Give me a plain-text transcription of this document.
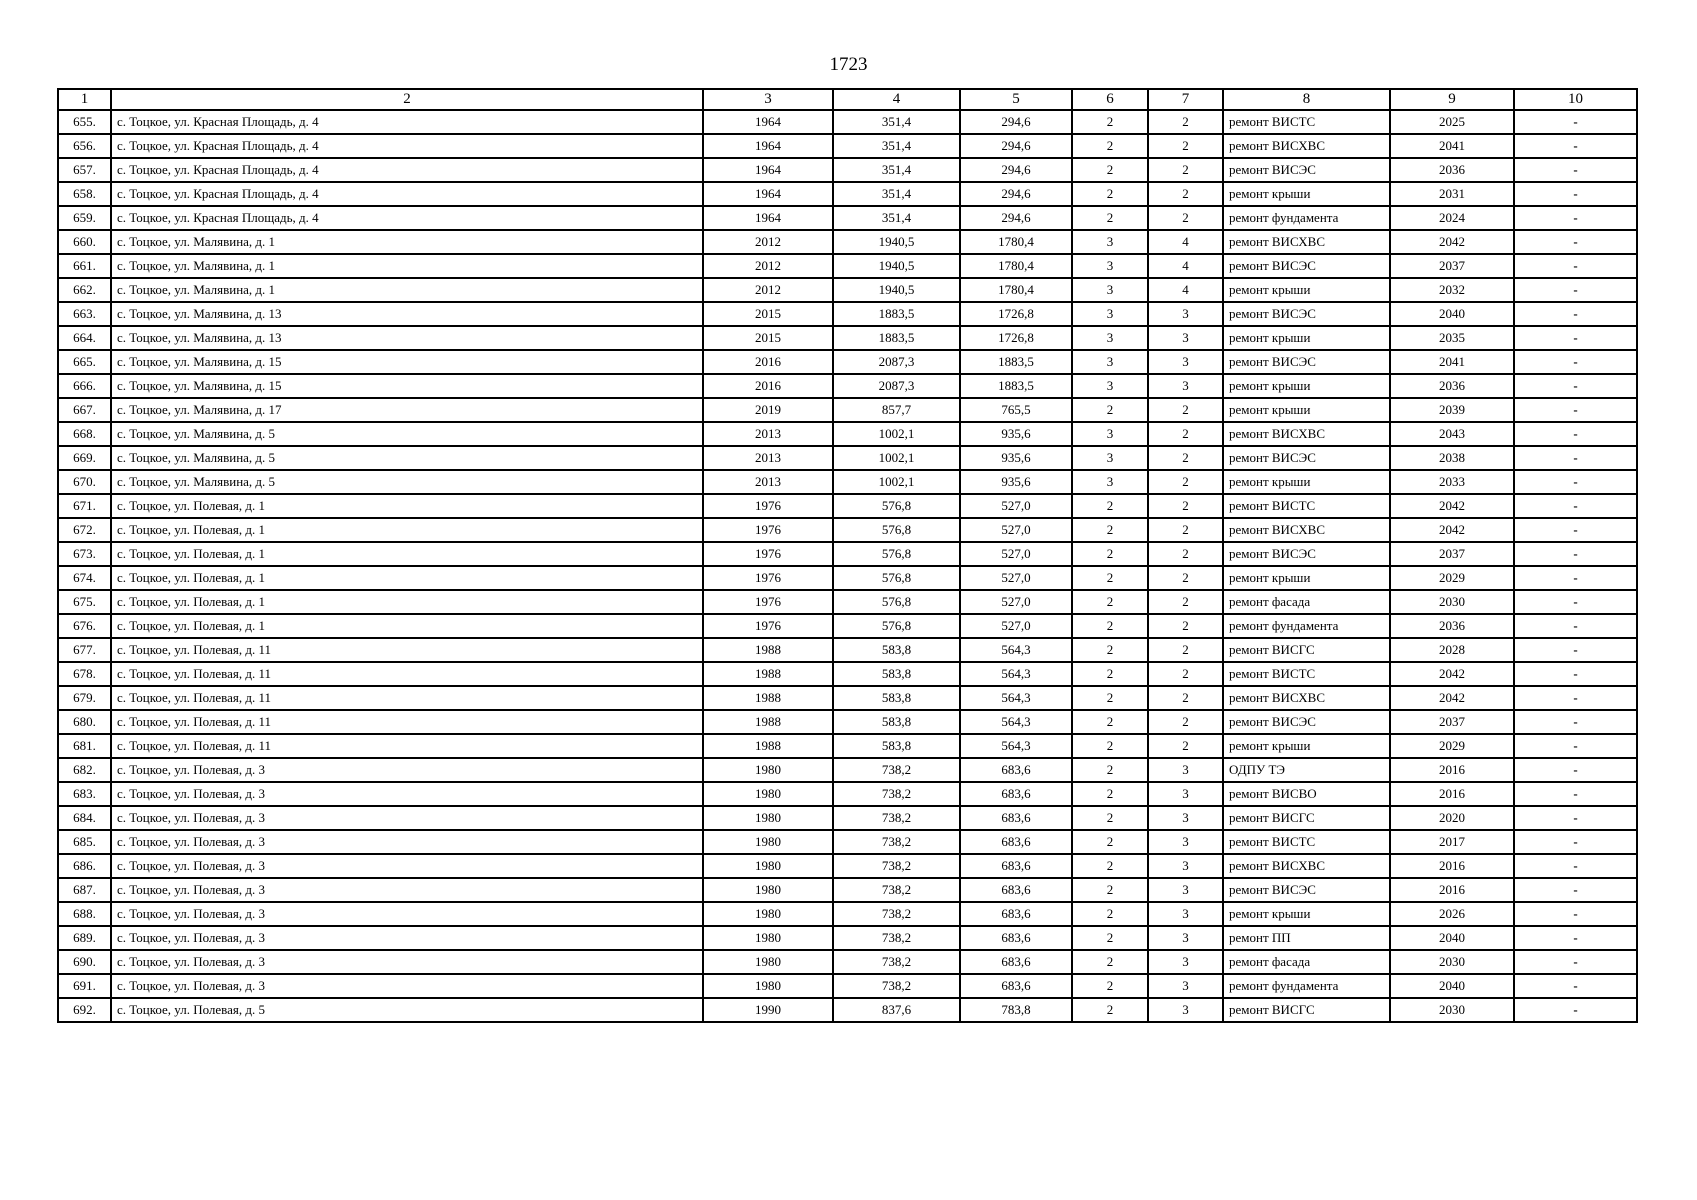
1723
1	2	3	4	5	6	7	8	9	10
655.	с. Тоцкое, ул. Красная Площадь, д. 4	1964	351,4	294,6	2	2	ремонт ВИСТС	2025	-
656.	с. Тоцкое, ул. Красная Площадь, д. 4	1964	351,4	294,6	2	2	ремонт ВИСХВС	2041	-
657.	с. Тоцкое, ул. Красная Площадь, д. 4	1964	351,4	294,6	2	2	ремонт ВИСЭС	2036	-
658.	с. Тоцкое, ул. Красная Площадь, д. 4	1964	351,4	294,6	2	2	ремонт крыши	2031	-
659.	с. Тоцкое, ул. Красная Площадь, д. 4	1964	351,4	294,6	2	2	ремонт фундамента	2024	-
660.	с. Тоцкое, ул. Малявина, д. 1	2012	1940,5	1780,4	3	4	ремонт ВИСХВС	2042	-
661.	с. Тоцкое, ул. Малявина, д. 1	2012	1940,5	1780,4	3	4	ремонт ВИСЭС	2037	-
662.	с. Тоцкое, ул. Малявина, д. 1	2012	1940,5	1780,4	3	4	ремонт крыши	2032	-
663.	с. Тоцкое, ул. Малявина, д. 13	2015	1883,5	1726,8	3	3	ремонт ВИСЭС	2040	-
664.	с. Тоцкое, ул. Малявина, д. 13	2015	1883,5	1726,8	3	3	ремонт крыши	2035	-
665.	с. Тоцкое, ул. Малявина, д. 15	2016	2087,3	1883,5	3	3	ремонт ВИСЭС	2041	-
666.	с. Тоцкое, ул. Малявина, д. 15	2016	2087,3	1883,5	3	3	ремонт крыши	2036	-
667.	с. Тоцкое, ул. Малявина, д. 17	2019	857,7	765,5	2	2	ремонт крыши	2039	-
668.	с. Тоцкое, ул. Малявина, д. 5	2013	1002,1	935,6	3	2	ремонт ВИСХВС	2043	-
669.	с. Тоцкое, ул. Малявина, д. 5	2013	1002,1	935,6	3	2	ремонт ВИСЭС	2038	-
670.	с. Тоцкое, ул. Малявина, д. 5	2013	1002,1	935,6	3	2	ремонт крыши	2033	-
671.	с. Тоцкое, ул. Полевая, д. 1	1976	576,8	527,0	2	2	ремонт ВИСТС	2042	-
672.	с. Тоцкое, ул. Полевая, д. 1	1976	576,8	527,0	2	2	ремонт ВИСХВС	2042	-
673.	с. Тоцкое, ул. Полевая, д. 1	1976	576,8	527,0	2	2	ремонт ВИСЭС	2037	-
674.	с. Тоцкое, ул. Полевая, д. 1	1976	576,8	527,0	2	2	ремонт крыши	2029	-
675.	с. Тоцкое, ул. Полевая, д. 1	1976	576,8	527,0	2	2	ремонт фасада	2030	-
676.	с. Тоцкое, ул. Полевая, д. 1	1976	576,8	527,0	2	2	ремонт фундамента	2036	-
677.	с. Тоцкое, ул. Полевая, д. 11	1988	583,8	564,3	2	2	ремонт ВИСГС	2028	-
678.	с. Тоцкое, ул. Полевая, д. 11	1988	583,8	564,3	2	2	ремонт ВИСТС	2042	-
679.	с. Тоцкое, ул. Полевая, д. 11	1988	583,8	564,3	2	2	ремонт ВИСХВС	2042	-
680.	с. Тоцкое, ул. Полевая, д. 11	1988	583,8	564,3	2	2	ремонт ВИСЭС	2037	-
681.	с. Тоцкое, ул. Полевая, д. 11	1988	583,8	564,3	2	2	ремонт крыши	2029	-
682.	с. Тоцкое, ул. Полевая, д. 3	1980	738,2	683,6	2	3	ОДПУ ТЭ	2016	-
683.	с. Тоцкое, ул. Полевая, д. 3	1980	738,2	683,6	2	3	ремонт ВИСВО	2016	-
684.	с. Тоцкое, ул. Полевая, д. 3	1980	738,2	683,6	2	3	ремонт ВИСГС	2020	-
685.	с. Тоцкое, ул. Полевая, д. 3	1980	738,2	683,6	2	3	ремонт ВИСТС	2017	-
686.	с. Тоцкое, ул. Полевая, д. 3	1980	738,2	683,6	2	3	ремонт ВИСХВС	2016	-
687.	с. Тоцкое, ул. Полевая, д. 3	1980	738,2	683,6	2	3	ремонт ВИСЭС	2016	-
688.	с. Тоцкое, ул. Полевая, д. 3	1980	738,2	683,6	2	3	ремонт крыши	2026	-
689.	с. Тоцкое, ул. Полевая, д. 3	1980	738,2	683,6	2	3	ремонт ПП	2040	-
690.	с. Тоцкое, ул. Полевая, д. 3	1980	738,2	683,6	2	3	ремонт фасада	2030	-
691.	с. Тоцкое, ул. Полевая, д. 3	1980	738,2	683,6	2	3	ремонт фундамента	2040	-
692.	с. Тоцкое, ул. Полевая, д. 5	1990	837,6	783,8	2	3	ремонт ВИСГС	2030	-
